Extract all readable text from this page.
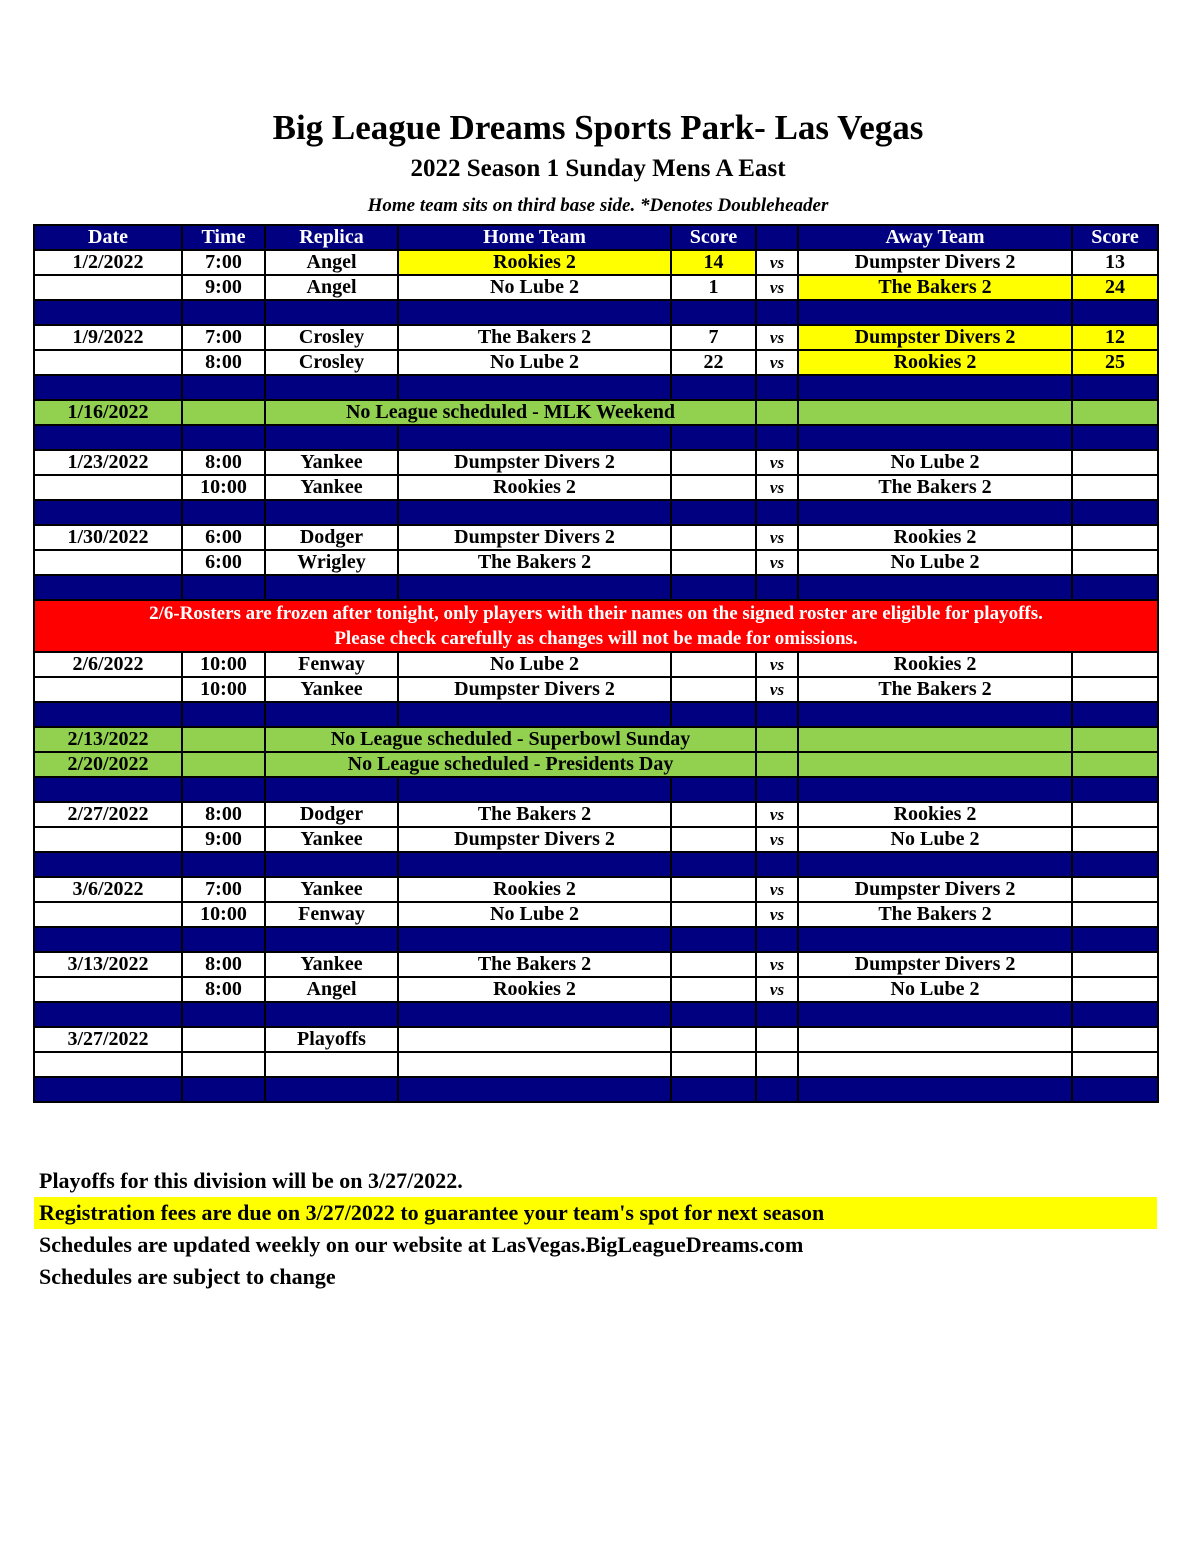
Big League Dreams Sports Park- Las Vegas
2022 Season 1 Sunday Mens A East
Home team sits on third base side. *Denotes Doubleheader
Date	Time	Replica	Home Team	Score		Away Team	Score
1/2/2022	7:00	Angel	Rookies 2	14	vs	Dumpster Divers 2	13
	9:00	Angel	No Lube 2	1	vs	The Bakers 2	24

1/9/2022	7:00	Crosley	The Bakers 2	7	vs	Dumpster Divers 2	12
	8:00	Crosley	No Lube 2	22	vs	Rookies 2	25

1/16/2022		No League scheduled - MLK Weekend					

1/23/2022	8:00	Yankee	Dumpster Divers 2		vs	No Lube 2	
	10:00	Yankee	Rookies 2		vs	The Bakers 2	

1/30/2022	6:00	Dodger	Dumpster Divers 2		vs	Rookies 2	
	6:00	Wrigley	The Bakers 2		vs	No Lube 2	

2/6-Rosters are frozen after tonight, only players with their names on the signed roster are eligible for playoffs.
Please check carefully as changes will not be made for omissions.							

2/6/2022	10:00	Fenway	No Lube 2		vs	Rookies 2	
	10:00	Yankee	Dumpster Divers 2		vs	The Bakers 2	

2/13/2022		No League scheduled - Superbowl Sunday					
2/20/2022		No League scheduled - Presidents Day					

2/27/2022	8:00	Dodger	The Bakers 2		vs	Rookies 2	
	9:00	Yankee	Dumpster Divers 2		vs	No Lube 2	

3/6/2022	7:00	Yankee	Rookies 2		vs	Dumpster Divers 2	
	10:00	Fenway	No Lube 2		vs	The Bakers 2	

3/13/2022	8:00	Yankee	The Bakers 2		vs	Dumpster Divers 2	
	8:00	Angel	Rookies 2		vs	No Lube 2	

3/27/2022		Playoffs					

Playoffs for this division will be on 3/27/2022.
Registration fees are due on 3/27/2022 to guarantee your team's spot for next season
Schedules are updated weekly on our website at LasVegas.BigLeagueDreams.com
Schedules are subject to change
